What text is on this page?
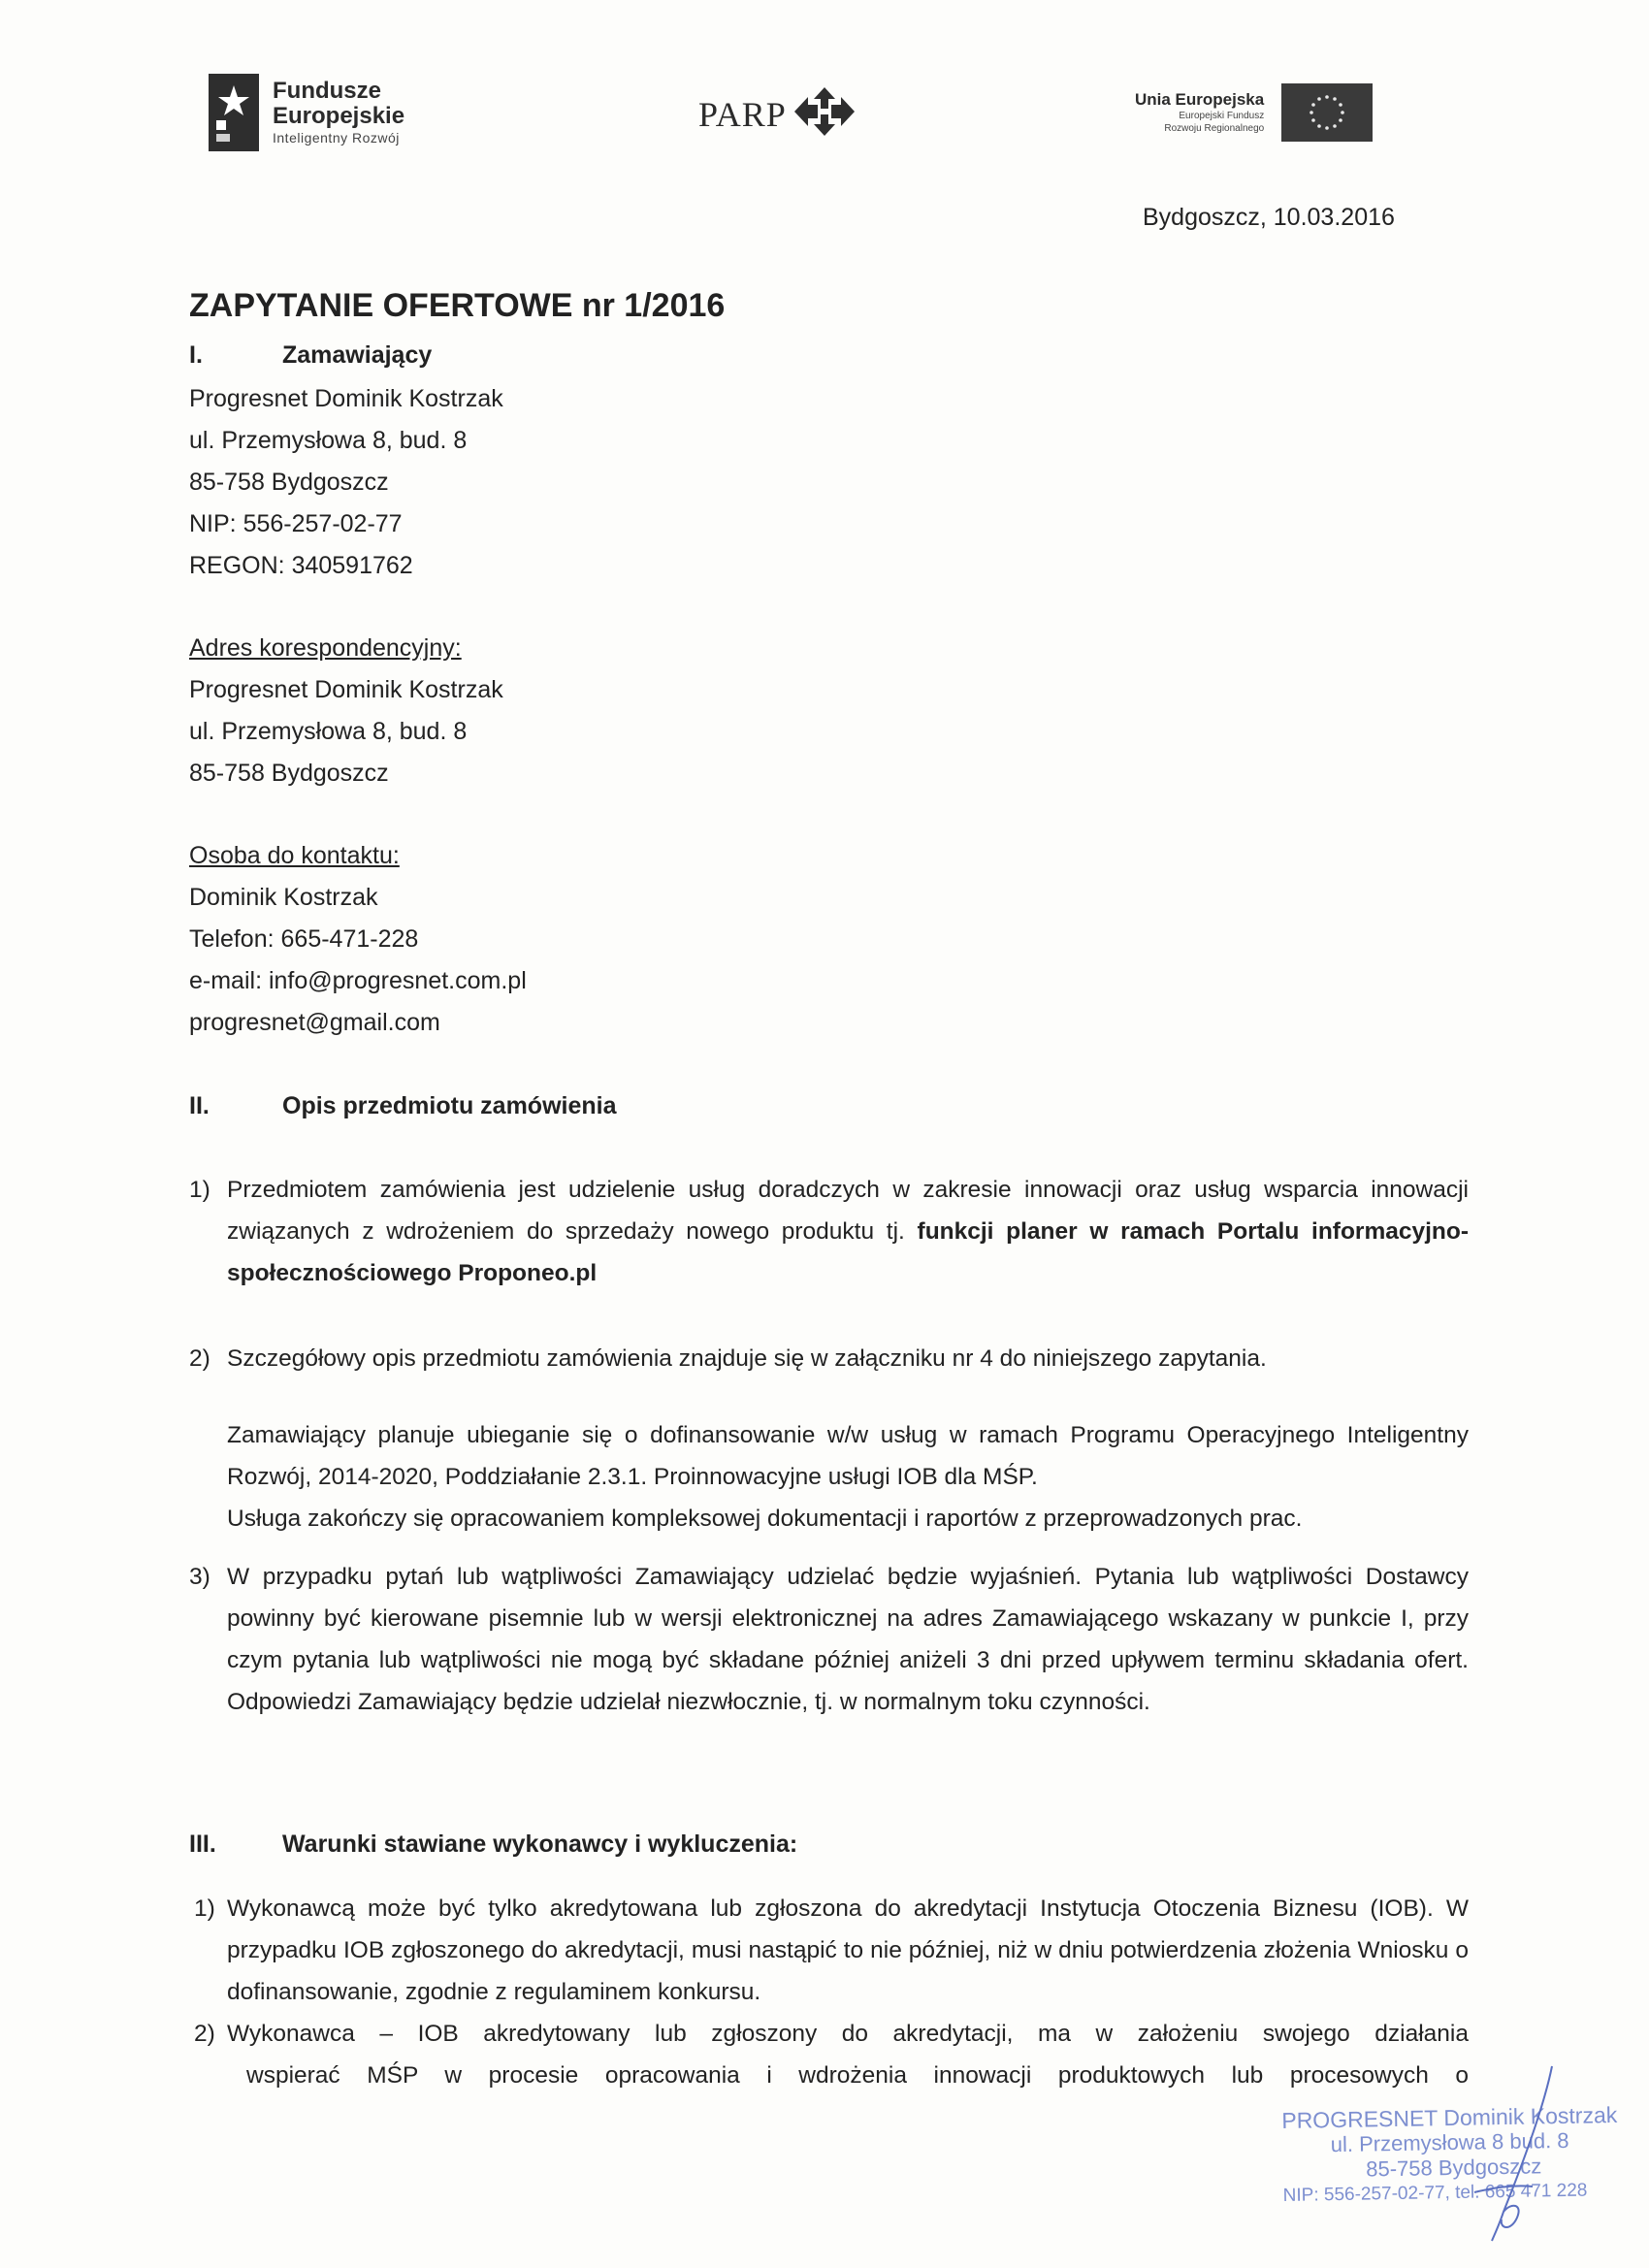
Fundusze
Europejskie
Inteligentny Rozwój
PARP	Unia Europejska
Europejski Fundusz
Rozwoju Regionalnego
Bydgoszcz, 10.03.2016
ZAPYTANIE OFERTOWE nr 1/2016
I.	Zamawiający
Progresnet Dominik Kostrzak
ul. Przemysłowa 8, bud. 8
85-758 Bydgoszcz
NIP: 556-257-02-77
REGON: 340591762
Adres korespondencyjny:
Progresnet Dominik Kostrzak
ul. Przemysłowa 8, bud. 8
85-758 Bydgoszcz
Osoba do kontaktu:
Dominik Kostrzak
Telefon: 665-471-228
e-mail: info@progresnet.com.pl
progresnet@gmail.com
II.	Opis przedmiotu zamówienia
1) Przedmiotem zamówienia jest udzielenie usług doradczych w zakresie innowacji oraz usług wsparcia innowacji związanych z wdrożeniem do sprzedaży nowego produktu tj. funkcji planer w ramach Portalu informacyjno-społecznościowego Proponeo.pl
2) Szczegółowy opis przedmiotu zamówienia znajduje się w załączniku nr 4 do niniejszego zapytania.
Zamawiający planuje ubieganie się o dofinansowanie w/w usług w ramach Programu Operacyjnego Inteligentny Rozwój, 2014-2020, Poddziałanie 2.3.1. Proinnowacyjne usługi IOB dla MŚP.
Usługa zakończy się opracowaniem kompleksowej dokumentacji i raportów z przeprowadzonych prac.
3) W przypadku pytań lub wątpliwości Zamawiający udzielać będzie wyjaśnień. Pytania lub wątpliwości Dostawcy powinny być kierowane pisemnie lub w wersji elektronicznej na adres Zamawiającego wskazany w punkcie I, przy czym pytania lub wątpliwości nie mogą być składane później aniżeli 3 dni przed upływem terminu składania ofert. Odpowiedzi Zamawiający będzie udzielał niezwłocznie, tj. w normalnym toku czynności.
III.	Warunki stawiane wykonawcy i wykluczenia:
1) Wykonawcą może być tylko akredytowana lub zgłoszona do akredytacji Instytucja Otoczenia Biznesu (IOB). W przypadku IOB zgłoszonego do akredytacji, musi nastąpić to nie później, niż w dniu potwierdzenia złożenia Wniosku o dofinansowanie, zgodnie z regulaminem konkursu.
2) Wykonawca – IOB akredytowany lub zgłoszony do akredytacji, ma w założeniu swojego działania
wspierać MŚP w procesie opracowania i wdrożenia innowacji produktowych lub procesowych o
PROGRESNET Dominik Kostrzak
ul. Przemysłowa 8 bud. 8
85-758 Bydgoszcz
NIP: 556-257-02-77, tel. 665 471 228
